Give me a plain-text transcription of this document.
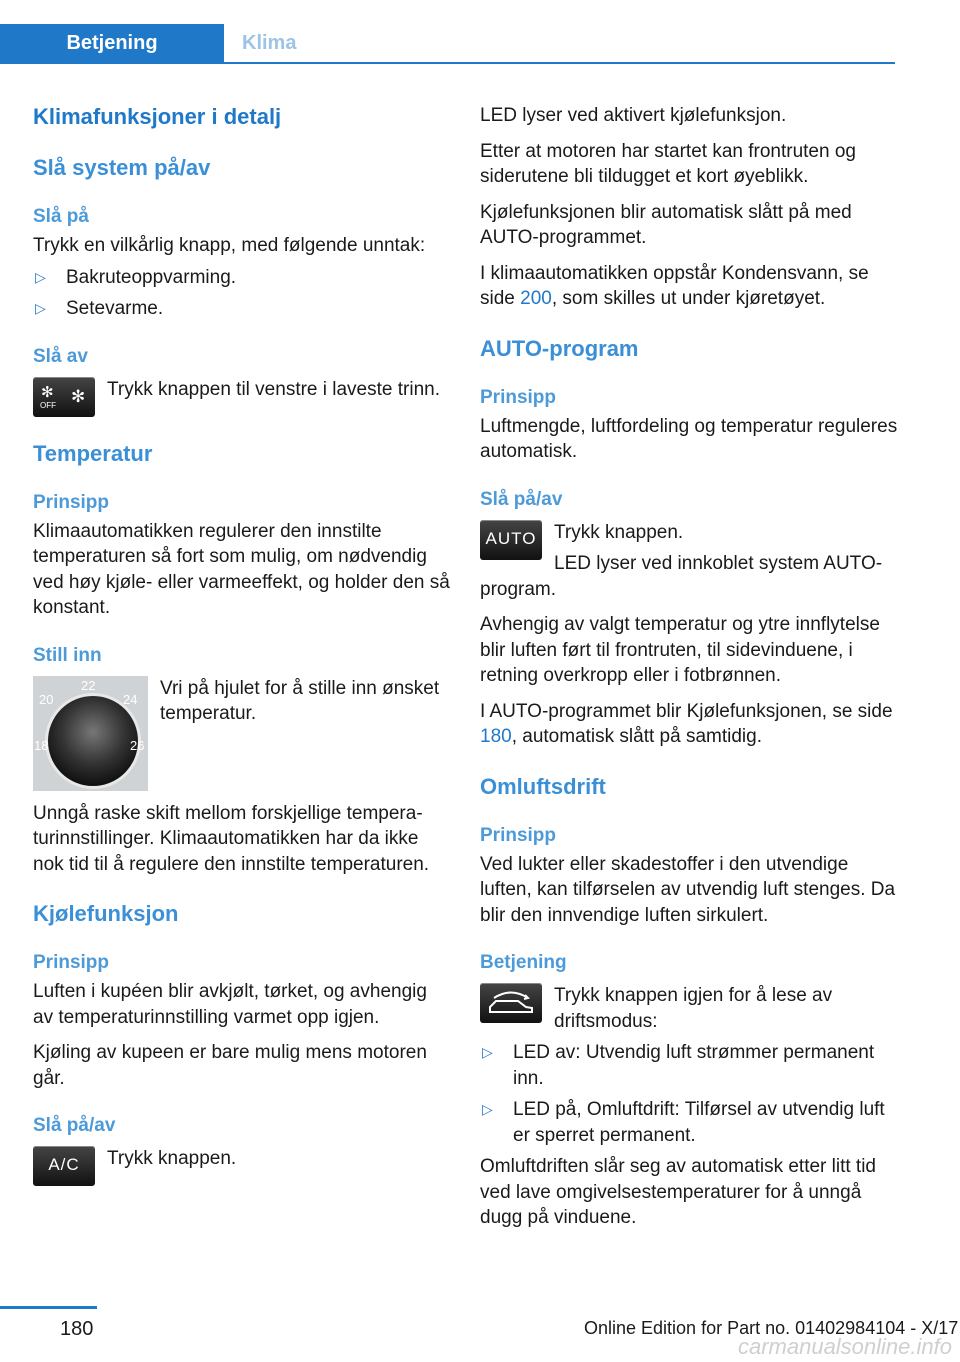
Betjening	Klima
Klimafunksjoner i detalj
Slå system på/av
Slå på

Trykk en vilkårlig knapp, med følgende unntak:

▷ Bakruteoppvarming.
▷ Setevarme.
Slå av
✻
OFF ✻	Trykk knappen til venstre i laveste trinn.

Temperatur
Prinsipp

Klimaautomatikken regulerer den innstilte temperaturen så fort som mulig, om nødvendig ved høy kjøle- eller varmeeffekt, og holder den så konstant.

Still inn
22
20	24
18	26

Vri på hjulet for å stille inn ønsket temperatur.

Unngå raske skift mellom forskjellige temperaturinnstillinger. Klimaautomatikken har da ikke nok tid til å regulere den innstilte temperaturen.

Kjølefunksjon
Prinsipp

Luften i kupéen blir avkjølt, tørket, og avhengig av temperaturinnstilling varmet opp igjen.

Kjøling av kupeen er bare mulig mens motoren går.

Slå på/av
A/C	Trykk knappen.

LED lyser ved aktivert kjølefunksjon.

Etter at motoren har startet kan frontruten og siderutene bli tildugget et kort øyeblikk.

Kjølefunksjonen blir automatisk slått på med AUTO-programmet.

I klimaautomatikken oppstår Kondensvann, se side 200, som skilles ut under kjøretøyet.

AUTO-program
Prinsipp

Luftmengde, luftfordeling og temperatur reguleres automatisk.

Slå på/av
AUTO Trykk knappen.

LED lyser ved innkoblet system AUTO-program.

Avhengig av valgt temperatur og ytre innflytelse blir luften ført til frontruten, til sidevinduene, i retning overkropp eller i fotbrønnen.

I AUTO-programmet blir Kjølefunksjonen, se side 180, automatisk slått på samtidig.

Omluftsdrift
Prinsipp

Ved lukter eller skadestoffer i den utvendige luften, kan tilførselen av utvendig luft stenges. Da blir den innvendige luften sirkulert.

Betjening

Trykk knappen igjen for å lese av driftsmodus:

▷ LED av: Utvendig luft strømmer permanent inn.
▷ LED på, Omluftdrift: Tilførsel av utvendig luft er sperret permanent.

Omluftdriften slår seg av automatisk etter litt tid ved lave omgivelsestemperaturer for å unngå dugg på vinduene.

180	Online Edition for Part no. 01402984104 - X/17
carmanualsonline.info
